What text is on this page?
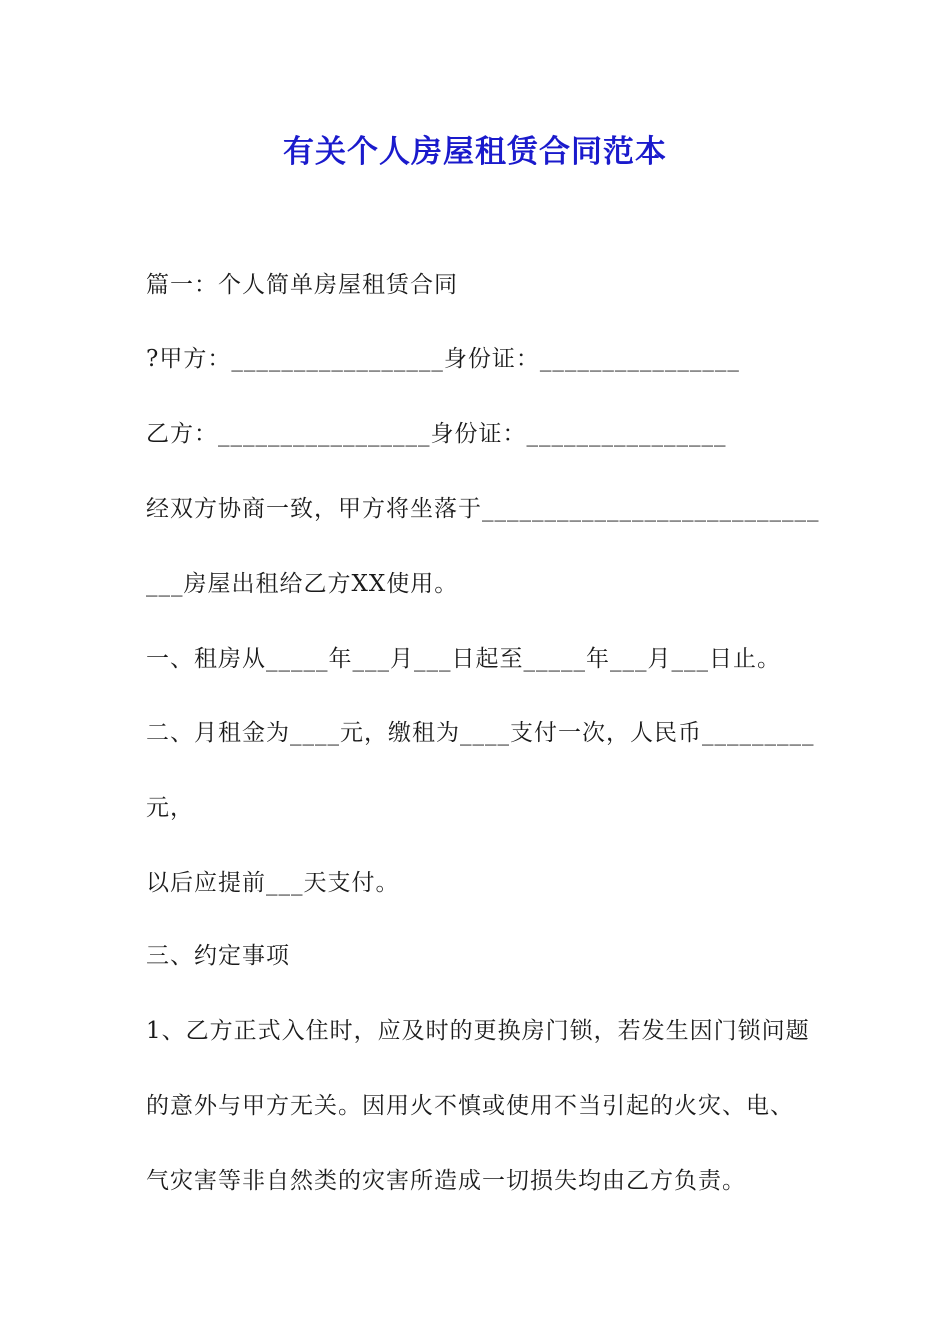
有关个人房屋租赁合同范本
篇一：个人简单房屋租赁合同
?甲方：_________________身份证：________________
乙方：_________________身份证：________________
经双方协商一致，甲方将坐落于___________________________
___房屋出租给乙方XX使用。
一、租房从_____年___月___日起至_____年___月___日止。
二、月租金为____元，缴租为____支付一次，人民币_________
元，
以后应提前___天支付。
三、约定事项
1、乙方正式入住时，应及时的更换房门锁，若发生因门锁问题
的意外与甲方无关。因用火不慎或使用不当引起的火灾、电、
气灾害等非自然类的灾害所造成一切损失均由乙方负责。
